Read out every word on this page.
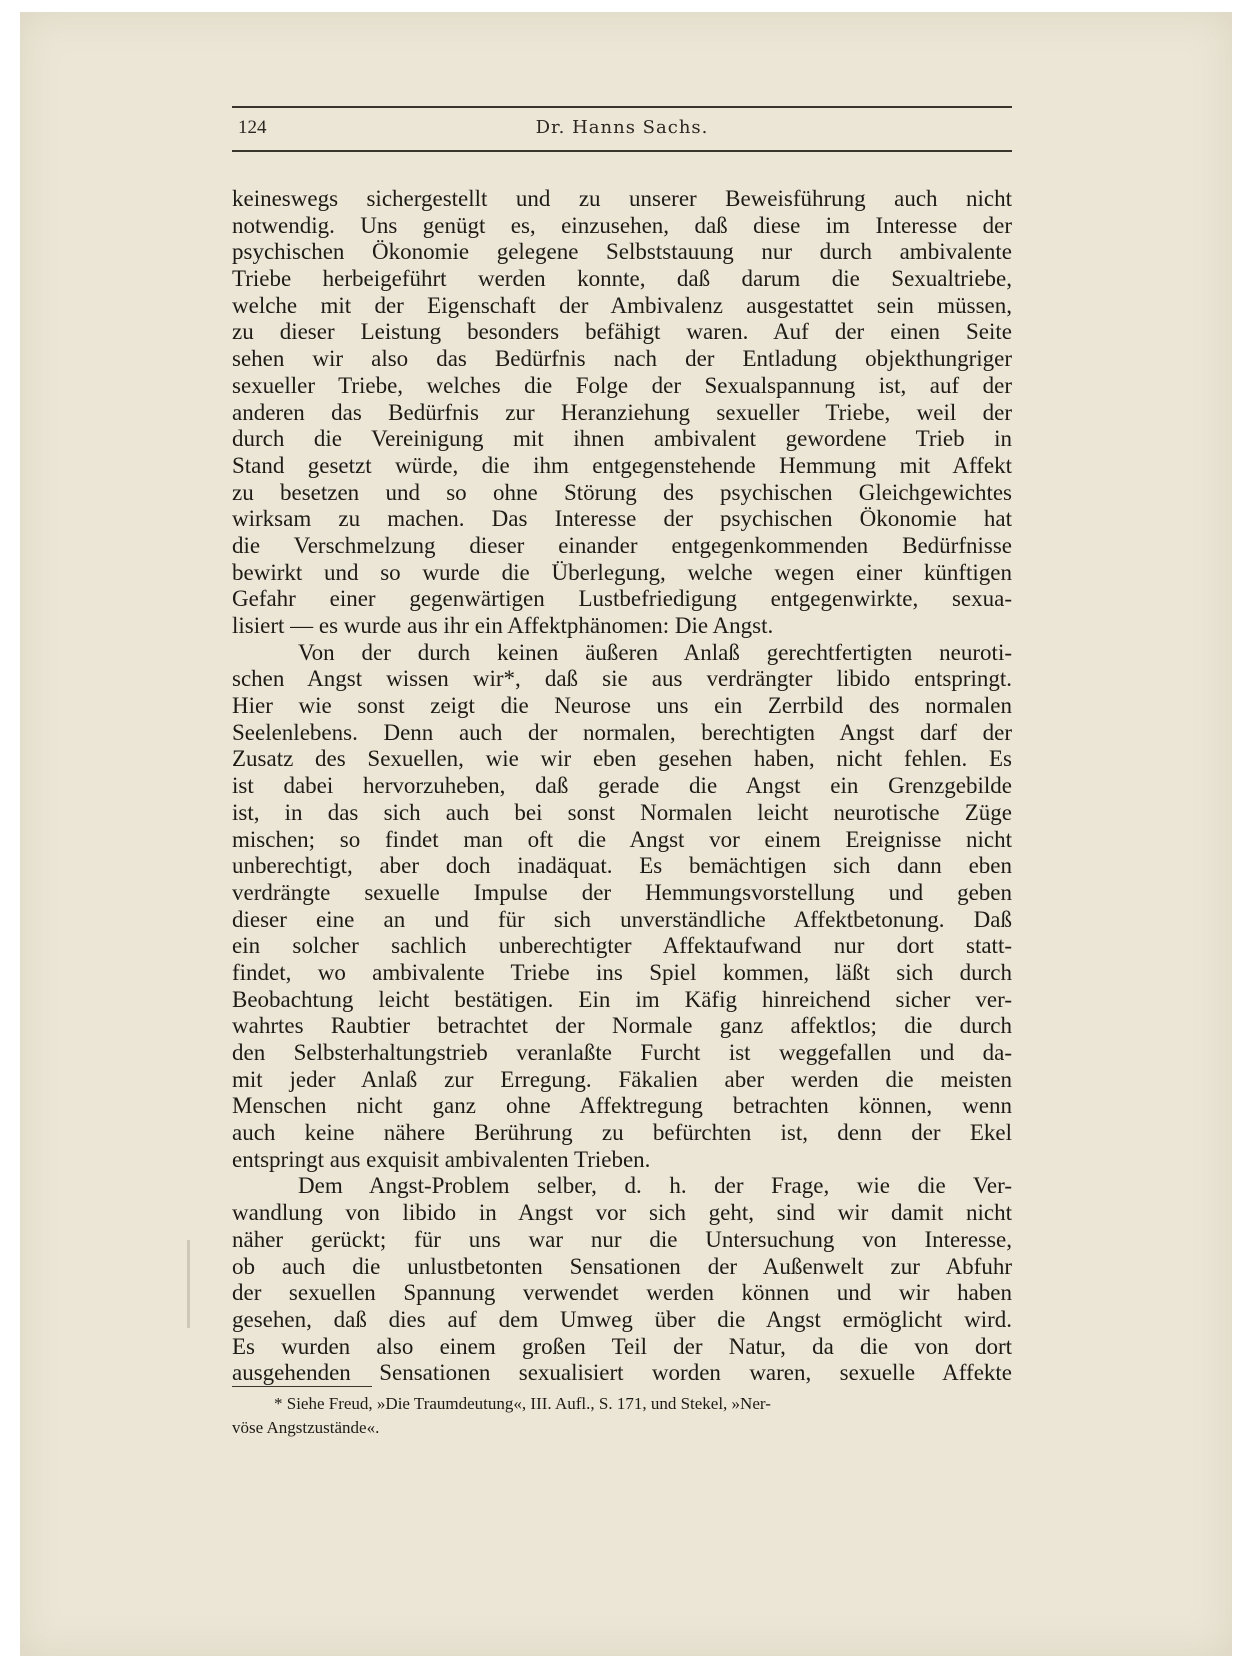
124	Dr. Hanns Sachs.
keineswegs sichergestellt und zu unserer Beweisführung auch nicht
notwendig. Uns genügt es, einzusehen, daß diese im Interesse der
psychischen Ökonomie gelegene Selbststauung nur durch ambivalente
Triebe herbeigeführt werden konnte, daß darum die Sexualtriebe,
welche mit der Eigenschaft der Ambivalenz ausgestattet sein müssen,
zu dieser Leistung besonders befähigt waren. Auf der einen Seite
sehen wir also das Bedürfnis nach der Entladung objekthungriger
sexueller Triebe, welches die Folge der Sexualspannung ist, auf der
anderen das Bedürfnis zur Heranziehung sexueller Triebe, weil der
durch die Vereinigung mit ihnen ambivalent gewordene Trieb in
Stand gesetzt würde, die ihm entgegenstehende Hemmung mit Affekt
zu besetzen und so ohne Störung des psychischen Gleichgewichtes
wirksam zu machen. Das Interesse der psychischen Ökonomie hat
die Verschmelzung dieser einander entgegenkommenden Bedürfnisse
bewirkt und so wurde die Überlegung, welche wegen einer künftigen
Gefahr einer gegenwärtigen Lustbefriedigung entgegenwirkte, sexua-
lisiert — es wurde aus ihr ein Affektphänomen: Die Angst.
Von der durch keinen äußeren Anlaß gerechtfertigten neuroti-
schen Angst wissen wir*, daß sie aus verdrängter libido entspringt.
Hier wie sonst zeigt die Neurose uns ein Zerrbild des normalen
Seelenlebens. Denn auch der normalen, berechtigten Angst darf der
Zusatz des Sexuellen, wie wir eben gesehen haben, nicht fehlen. Es
ist dabei hervorzuheben, daß gerade die Angst ein Grenzgebilde
ist, in das sich auch bei sonst Normalen leicht neurotische Züge
mischen; so findet man oft die Angst vor einem Ereignisse nicht
unberechtigt, aber doch inadäquat. Es bemächtigen sich dann eben
verdrängte sexuelle Impulse der Hemmungsvorstellung und geben
dieser eine an und für sich unverständliche Affektbetonung. Daß
ein solcher sachlich unberechtigter Affektaufwand nur dort statt-
findet, wo ambivalente Triebe ins Spiel kommen, läßt sich durch
Beobachtung leicht bestätigen. Ein im Käfig hinreichend sicher ver-
wahrtes Raubtier betrachtet der Normale ganz affektlos; die durch
den Selbsterhaltungstrieb veranlaßte Furcht ist weggefallen und da-
mit jeder Anlaß zur Erregung. Fäkalien aber werden die meisten
Menschen nicht ganz ohne Affektregung betrachten können, wenn
auch keine nähere Berührung zu befürchten ist, denn der Ekel
entspringt aus exquisit ambivalenten Trieben.
Dem Angst-Problem selber, d. h. der Frage, wie die Ver-
wandlung von libido in Angst vor sich geht, sind wir damit nicht
näher gerückt; für uns war nur die Untersuchung von Interesse,
ob auch die unlustbetonten Sensationen der Außenwelt zur Abfuhr
der sexuellen Spannung verwendet werden können und wir haben
gesehen, daß dies auf dem Umweg über die Angst ermöglicht wird.
Es wurden also einem großen Teil der Natur, da die von dort
ausgehenden Sensationen sexualisiert worden waren, sexuelle Affekte
* Siehe Freud, »Die Traumdeutung«, III. Aufl., S. 171, und Stekel, »Ner-
vöse Angstzustände«.
